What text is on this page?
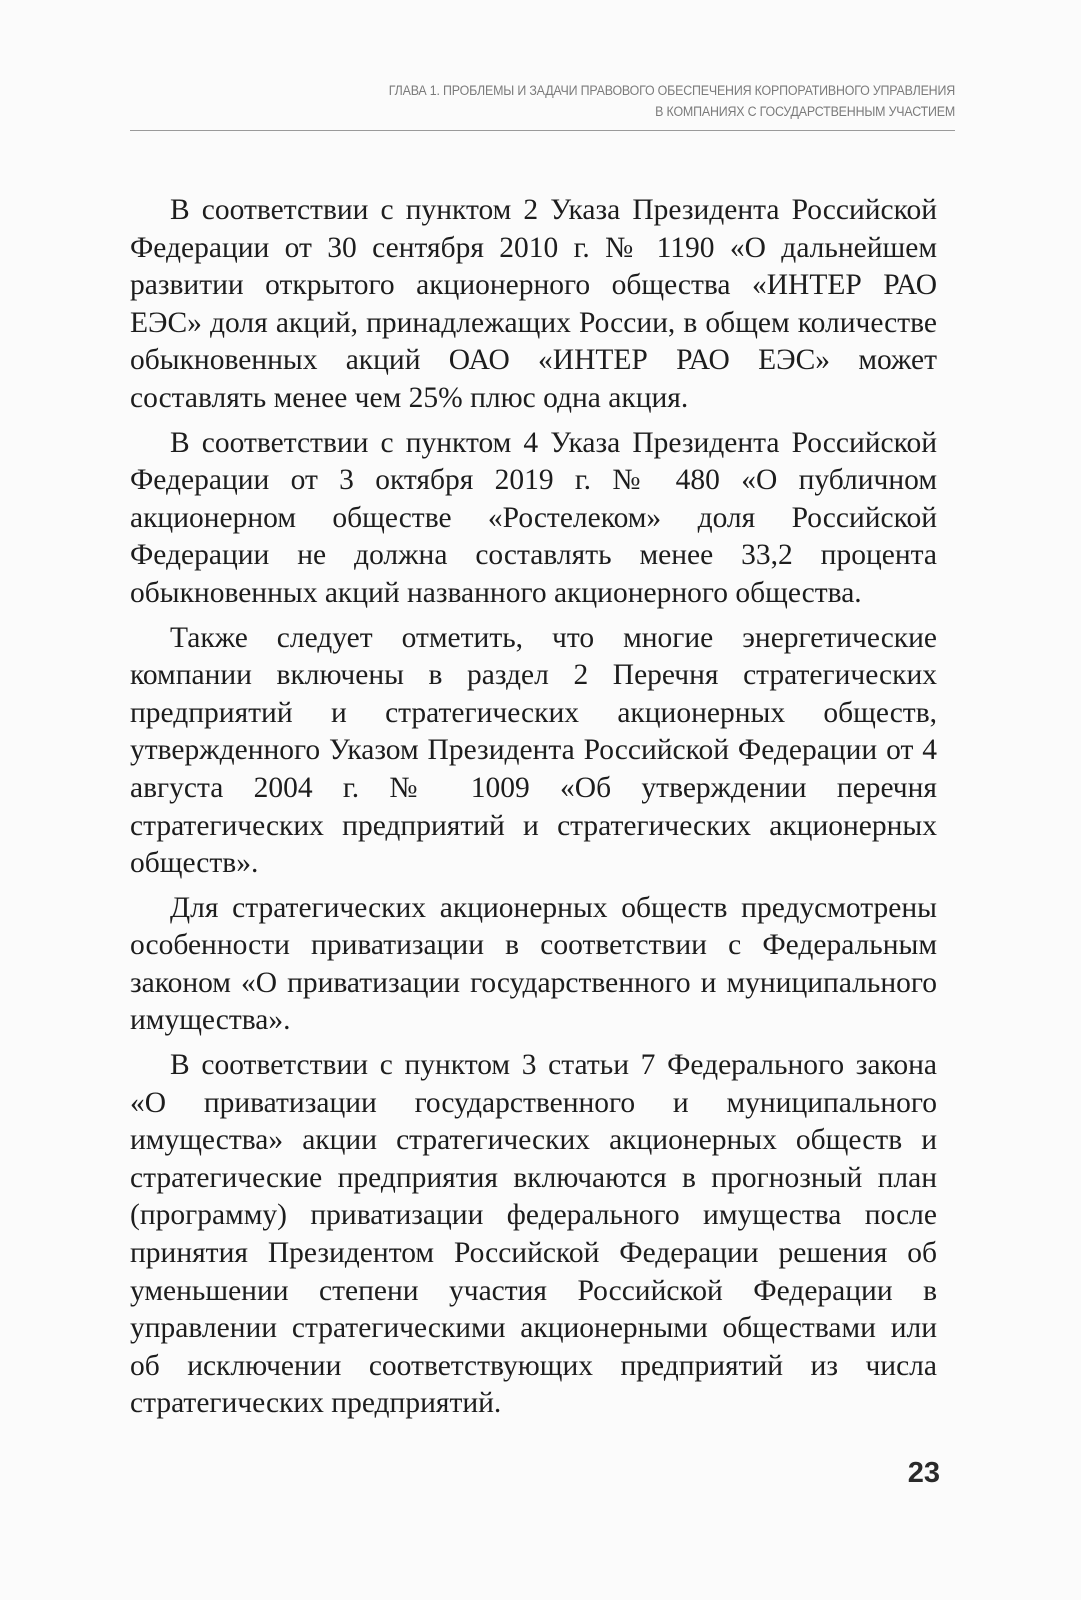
ГЛАВА 1. ПРОБЛЕМЫ И ЗАДАЧИ ПРАВОВОГО ОБЕСПЕЧЕНИЯ КОРПОРАТИВНОГО УПРАВЛЕНИЯ
В КОМПАНИЯХ С ГОСУДАРСТВЕННЫМ УЧАСТИЕМ

В соответствии с пунктом 2 Указа Президента Российской Федерации от 30 сентября 2010 г. № 1190 «О дальнейшем развитии открытого акционерного общества «ИНТЕР РАО ЕЭС» доля акций, принадлежащих России, в общем количестве обыкновенных акций ОАО «ИНТЕР РАО ЕЭС» может составлять менее чем 25% плюс одна акция.

В соответствии с пунктом 4 Указа Президента Российской Федерации от 3 октября 2019 г. № 480 «О публичном акционерном обществе «Ростелеком» доля Российской Федерации не должна составлять менее 33,2 процента обыкновенных акций названного акционерного общества.

Также следует отметить, что многие энергетические компании включены в раздел 2 Перечня стратегических предприятий и стратегических акционерных обществ, утвержденного Указом Президента Российской Федерации от 4 августа 2004 г. № 1009 «Об утверждении перечня стратегических предприятий и стратегических акционерных обществ».

Для стратегических акционерных обществ предусмотрены особенности приватизации в соответствии с Федеральным законом «О приватизации государственного и муниципального имущества».

В соответствии с пунктом 3 статьи 7 Федерального закона «О приватизации государственного и муниципального имущества» акции стратегических акционерных обществ и стратегические предприятия включаются в прогнозный план (программу) приватизации федерального имущества после принятия Президентом Российской Федерации решения об уменьшении степени участия Российской Федерации в управлении стратегическими акционерными обществами или об исключении соответствующих предприятий из числа стратегических предприятий.

23
